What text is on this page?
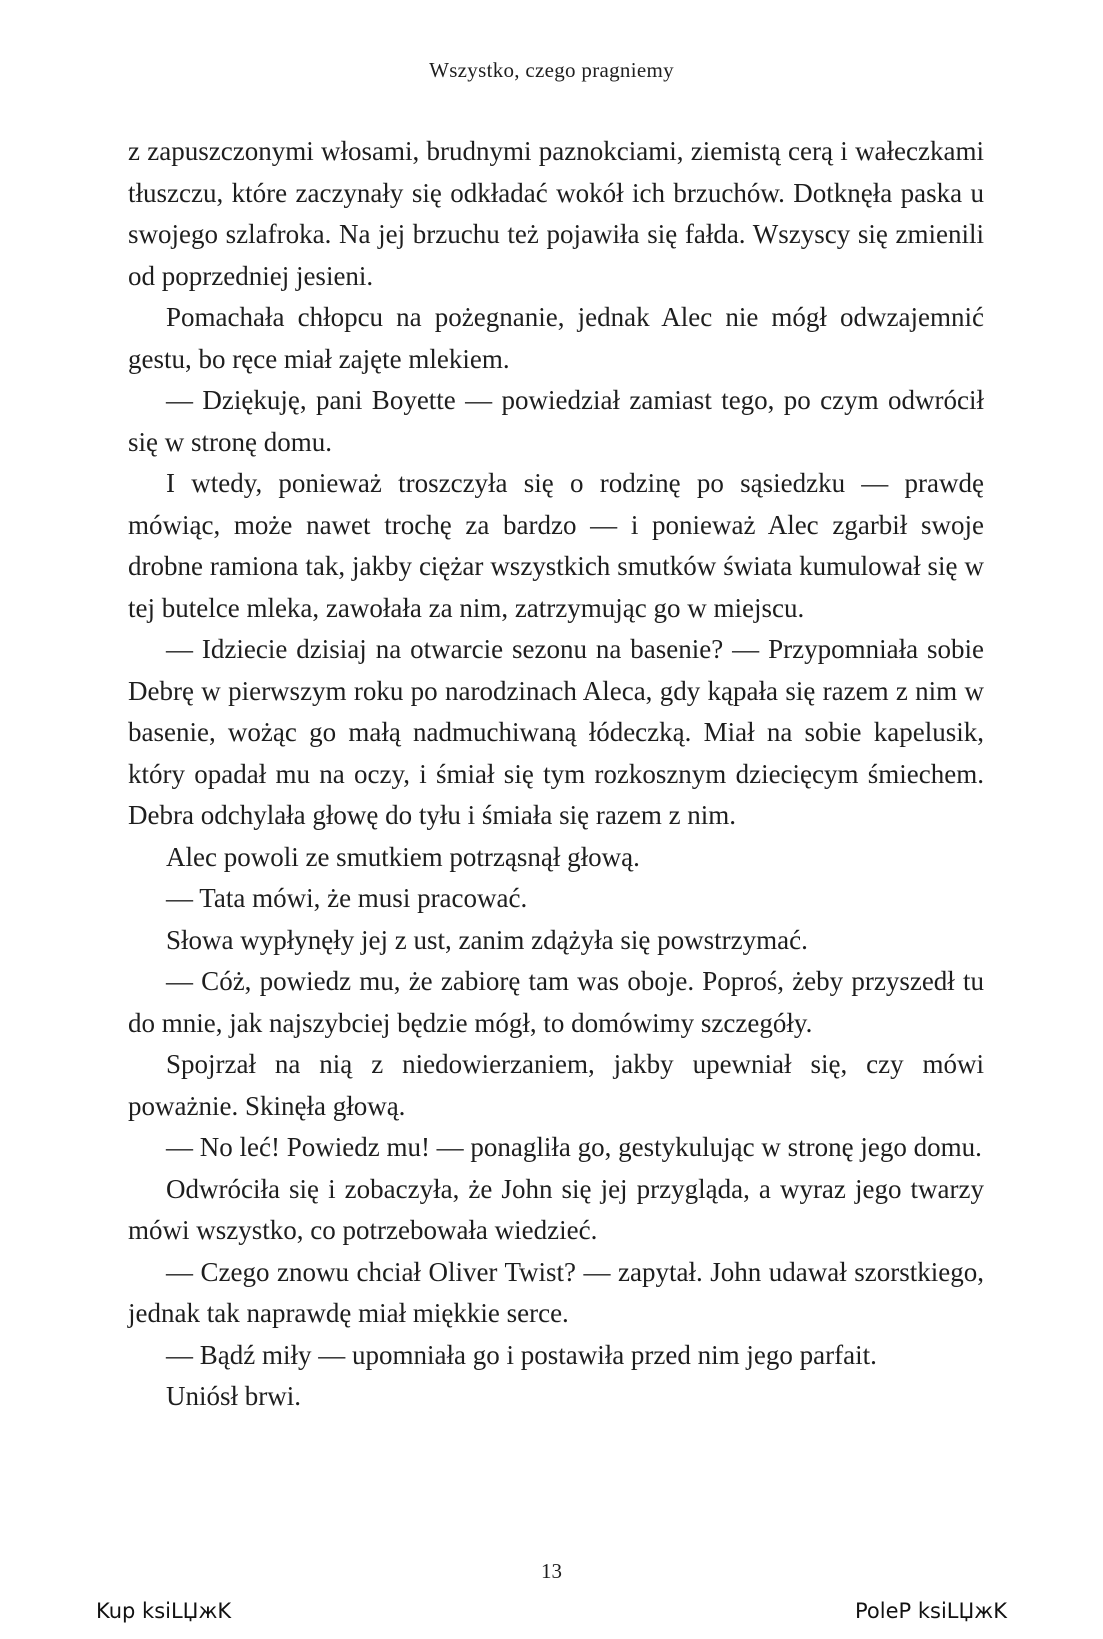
Wszystko, czego pragniemy

z zapuszczonymi włosami, brudnymi paznokciami, ziemistą cerą i wałeczkami tłuszczu, które zaczynały się odkładać wokół ich brzuchów. Dotknęła paska u swojego szlafroka. Na jej brzuchu też pojawiła się fałda. Wszyscy się zmienili od poprzedniej jesieni.

Pomachała chłopcu na pożegnanie, jednak Alec nie mógł odwzajemnić gestu, bo ręce miał zajęte mlekiem.

— Dziękuję, pani Boyette — powiedział zamiast tego, po czym odwrócił się w stronę domu.

I wtedy, ponieważ troszczyła się o rodzinę po sąsiedzku — prawdę mówiąc, może nawet trochę za bardzo — i ponieważ Alec zgarbił swoje drobne ramiona tak, jakby ciężar wszystkich smutków świata kumulował się w tej butelce mleka, zawołała za nim, zatrzymując go w miejscu.

— Idziecie dzisiaj na otwarcie sezonu na basenie? — Przypomniała sobie Debrę w pierwszym roku po narodzinach Aleca, gdy kąpała się razem z nim w basenie, wożąc go małą nadmuchiwaną łódeczką. Miał na sobie kapelusik, który opadał mu na oczy, i śmiał się tym rozkosznym dziecięcym śmiechem. Debra odchylała głowę do tyłu i śmiała się razem z nim.

Alec powoli ze smutkiem potrząsnął głową.

— Tata mówi, że musi pracować.

Słowa wypłynęły jej z ust, zanim zdążyła się powstrzymać.

— Cóż, powiedz mu, że zabiorę tam was oboje. Poproś, żeby przyszedł tu do mnie, jak najszybciej będzie mógł, to domówimy szczegóły.

Spojrzał na nią z niedowierzaniem, jakby upewniał się, czy mówi poważnie. Skinęła głową.

— No leć! Powiedz mu! — ponagliła go, gestykulując w stronę jego domu.

Odwróciła się i zobaczyła, że John się jej przygląda, a wyraz jego twarzy mówi wszystko, co potrzebowała wiedzieć.

— Czego znowu chciał Oliver Twist? — zapytał. John udawał szorstkiego, jednak tak naprawdę miał miękkie serce.

— Bądź miły — upomniała go i postawiła przed nim jego parfait.

Uniósł brwi.

13
Kup ksiLЏжK	PoleP ksiLЏжK
